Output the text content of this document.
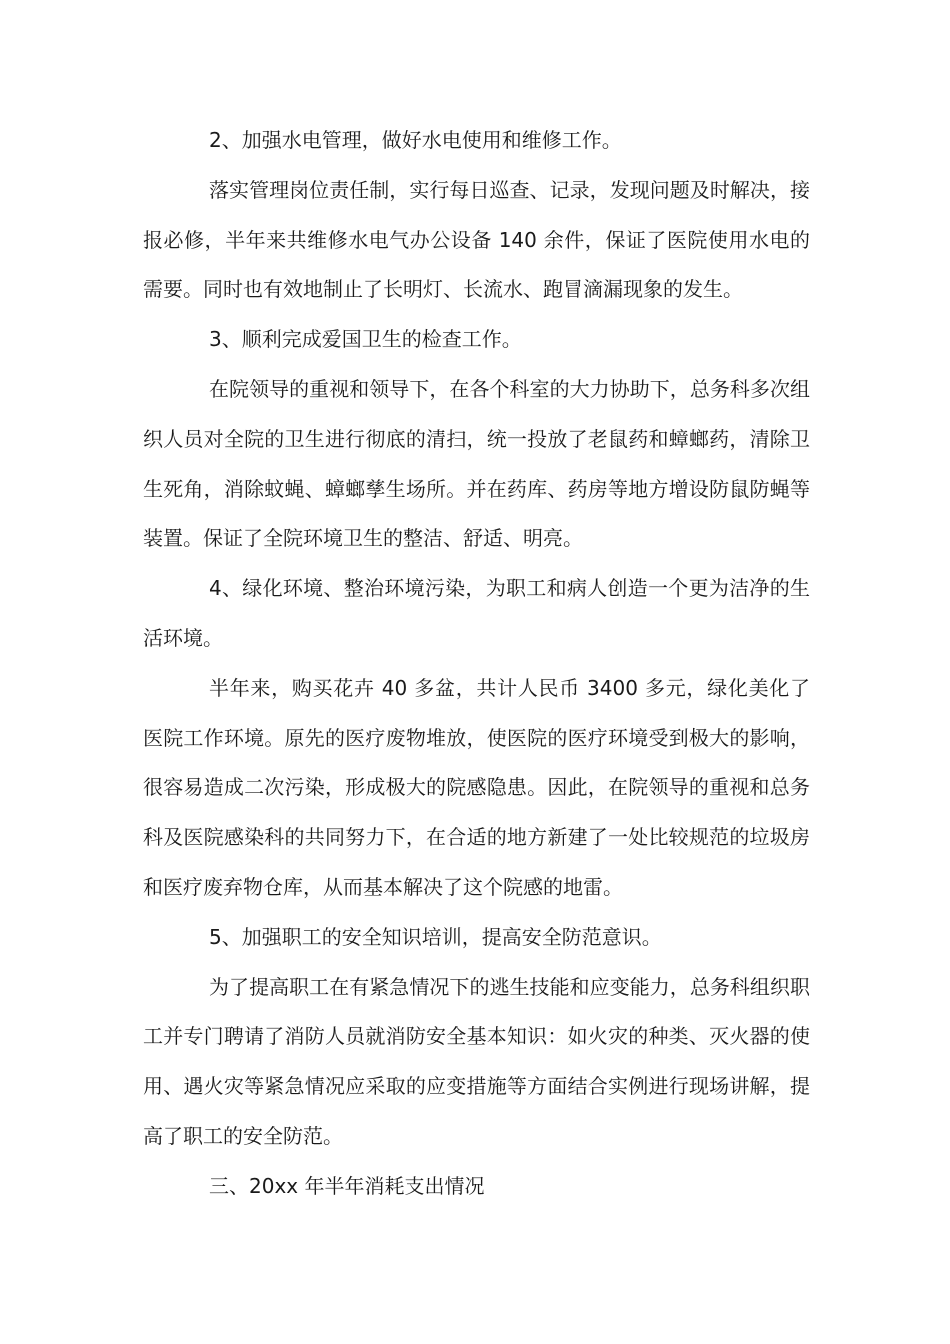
2、加强水电管理，做好水电使用和维修工作。

落实管理岗位责任制，实行每日巡查、记录，发现问题及时解决，接报必修，半年来共维修水电气办公设备 140 余件，保证了医院使用水电的需要。同时也有效地制止了长明灯、长流水、跑冒滴漏现象的发生。

3、顺利完成爱国卫生的检查工作。

在院领导的重视和领导下，在各个科室的大力协助下，总务科多次组织人员对全院的卫生进行彻底的清扫，统一投放了老鼠药和蟑螂药，清除卫生死角，消除蚊蝇、蟑螂孳生场所。并在药库、药房等地方增设防鼠防蝇等装置。保证了全院环境卫生的整洁、舒适、明亮。

4、绿化环境、整治环境污染，为职工和病人创造一个更为洁净的生活环境。

半年来，购买花卉 40 多盆，共计人民币 3400 多元，绿化美化了医院工作环境。原先的医疗废物堆放，使医院的医疗环境受到极大的影响，很容易造成二次污染，形成极大的院感隐患。因此，在院领导的重视和总务科及医院感染科的共同努力下，在合适的地方新建了一处比较规范的垃圾房和医疗废弃物仓库，从而基本解决了这个院感的地雷。

5、加强职工的安全知识培训，提高安全防范意识。

为了提高职工在有紧急情况下的逃生技能和应变能力，总务科组织职工并专门聘请了消防人员就消防安全基本知识：如火灾的种类、灭火器的使用、遇火灾等紧急情况应采取的应变措施等方面结合实例进行现场讲解，提高了职工的安全防范。

三、20xx 年半年消耗支出情况
